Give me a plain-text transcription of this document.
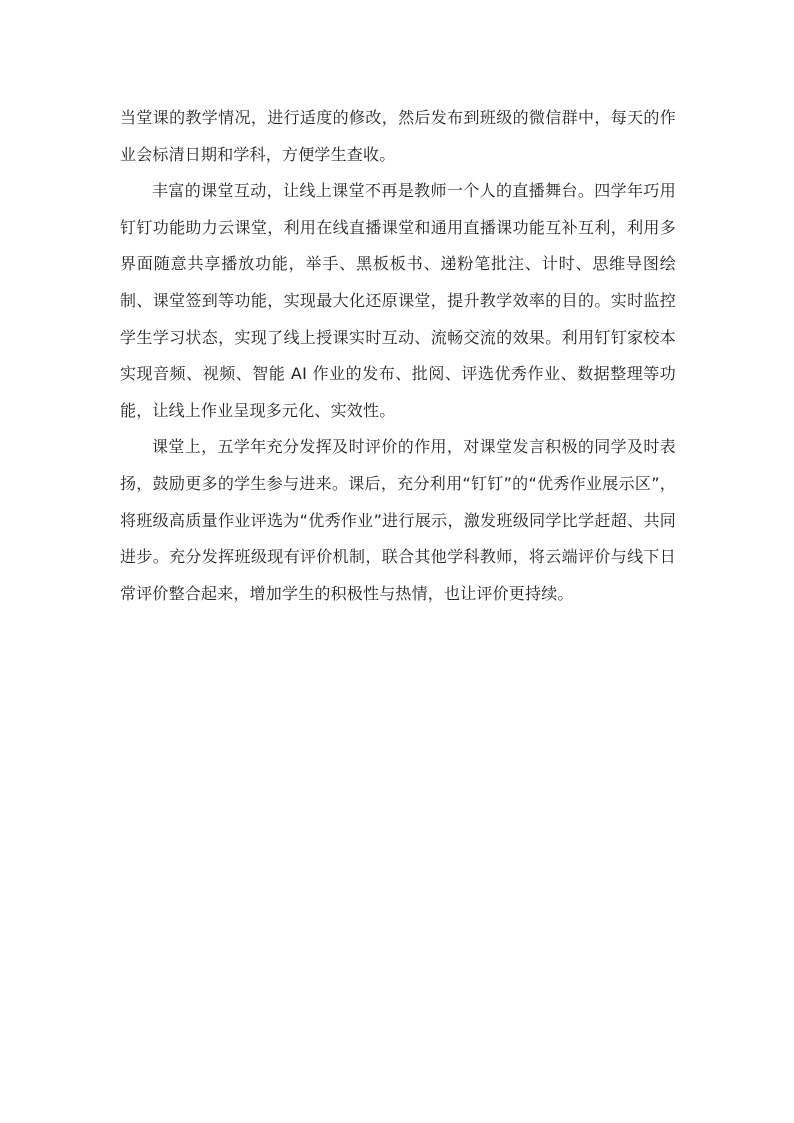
当堂课的教学情况，进行适度的修改，然后发布到班级的微信群中，每天的作业会标清日期和学科，方便学生查收。

丰富的课堂互动，让线上课堂不再是教师一个人的直播舞台。四学年巧用钉钉功能助力云课堂，利用在线直播课堂和通用直播课功能互补互利，利用多界面随意共享播放功能，举手、黑板板书、递粉笔批注、计时、思维导图绘制、课堂签到等功能，实现最大化还原课堂，提升教学效率的目的。实时监控学生学习状态，实现了线上授课实时互动、流畅交流的效果。利用钉钉家校本实现音频、视频、智能 AI 作业的发布、批阅、评选优秀作业、数据整理等功能，让线上作业呈现多元化、实效性。

课堂上，五学年充分发挥及时评价的作用，对课堂发言积极的同学及时表扬，鼓励更多的学生参与进来。课后，充分利用“钉钉”的“优秀作业展示区”，将班级高质量作业评选为“优秀作业”进行展示，激发班级同学比学赶超、共同进步。充分发挥班级现有评价机制，联合其他学科教师，将云端评价与线下日常评价整合起来，增加学生的积极性与热情，也让评价更持续。
